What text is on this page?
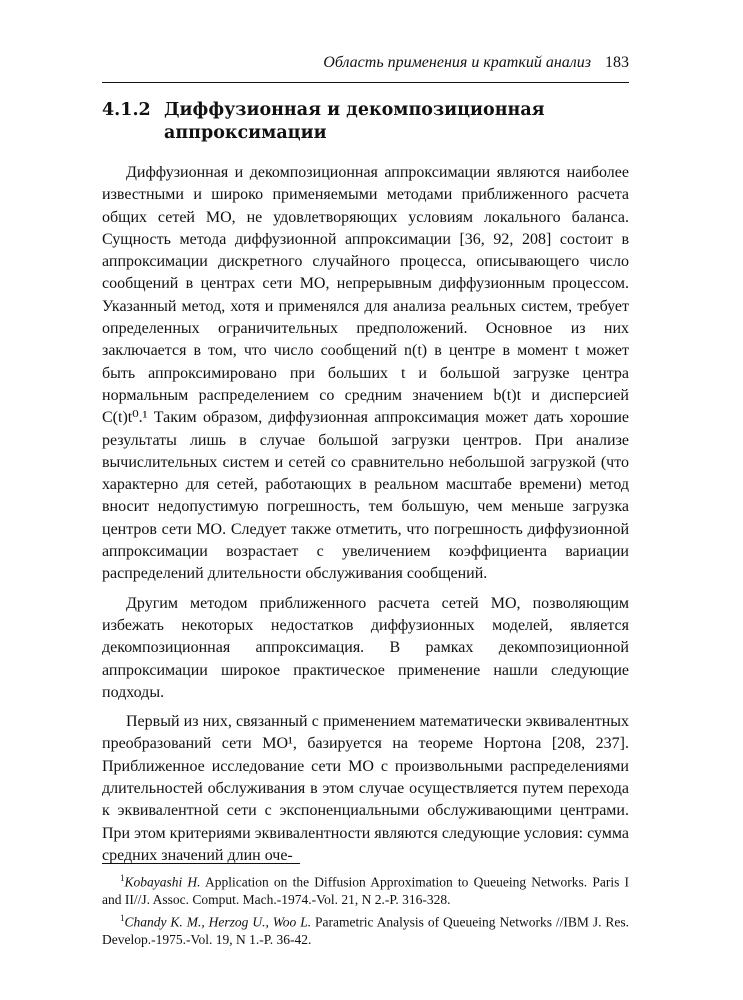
Область применения и краткий анализ 183
4.1.2 Диффузионная и декомпозиционная аппроксимации

Диффузионная и декомпозиционная аппроксимации являются наиболее известными и широко применяемыми методами приближенного расчета общих сетей МО, не удовлетворяющих условиям локального баланса. Сущность метода диффузионной аппроксимации [36, 92, 208] состоит в аппроксимации дискретного случайного процесса, описывающего число сообщений в центрах сети МО, непрерывным диффузионным процессом. Указанный метод, хотя и применялся для анализа реальных систем, требует определенных ограничительных предположений. Основное из них заключается в том, что число сообщений n(t) в центре в момент t может быть аппроксимировано при больших t и большой загрузке центра нормальным распределением со средним значением b(t)t и дисперсией C(t)t⁰.¹ Таким образом, диффузионная аппроксимация может дать хорошие результаты лишь в случае большой загрузки центров. При анализе вычислительных систем и сетей со сравнительно небольшой загрузкой (что характерно для сетей, работающих в реальном масштабе времени) метод вносит недопустимую погрешность, тем большую, чем меньше загрузка центров сети МО. Следует также отметить, что погрешность диффузионной аппроксимации возрастает с увеличением коэффициента вариации распределений длительности обслуживания сообщений.

Другим методом приближенного расчета сетей МО, позволяющим избежать некоторых недостатков диффузионных моделей, является декомпозиционная аппроксимация. В рамках декомпозиционной аппроксимации широкое практическое применение нашли следующие подходы.

Первый из них, связанный с применением математически эквивалентных преобразований сети МО¹, базируется на теореме Нортона [208, 237]. Приближенное исследование сети МО с произвольными распределениями длительностей обслуживания в этом случае осуществляется путем перехода к эквивалентной сети с экспоненциальными обслуживающими центрами. При этом критериями эквивалентности являются следующие условия: сумма средних значений длин оче-

$^1$Kobayashi H. Application on the Diffusion Approximation to Queueing Networks. Paris I and II//J. Assoc. Comput. Mach.-1974.-Vol. 21, N 2.-P. 316-328.

$^1$Chandy K. M., Herzog U., Woo L. Parametric Analysis of Queueing Networks //IBM J. Res. Develop.-1975.-Vol. 19, N 1.-P. 36-42.
